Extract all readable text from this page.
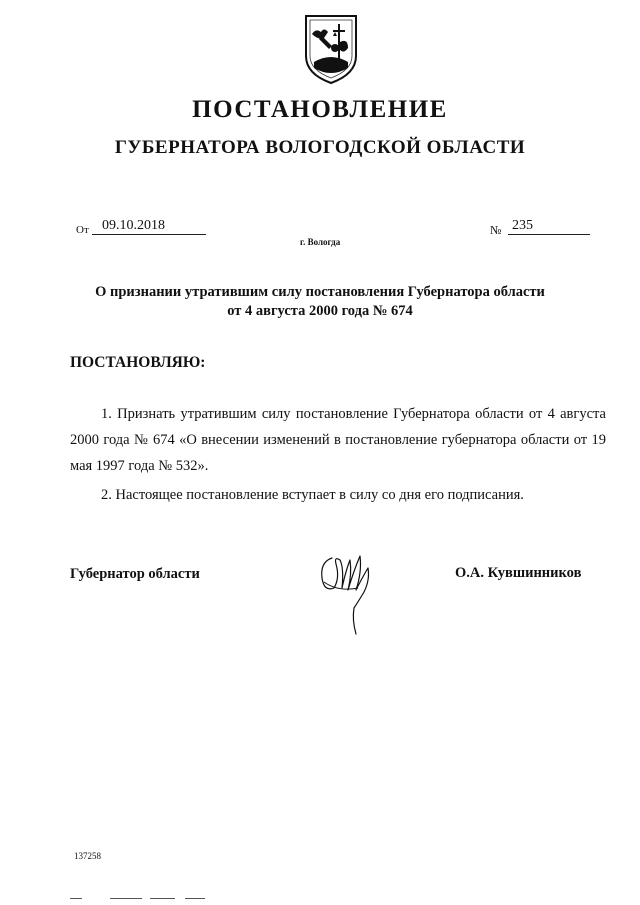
ПОСТАНОВЛЕНИЕ
ГУБЕРНАТОРА ВОЛОГОДСКОЙ ОБЛАСТИ
От 09.10.2018	№ 235
г. Вологда
О признании утратившим силу постановления Губернатора области
от 4 августа 2000 года № 674
ПОСТАНОВЛЯЮ:
1. Признать утратившим силу постановление Губернатора области от 4 августа 2000 года № 674 «О внесении изменений в постановление губернатора области от 19 мая 1997 года № 532».
2. Настоящее постановление вступает в силу со дня его подписания.
Губернатор области	О.А. Кувшинников
137258
